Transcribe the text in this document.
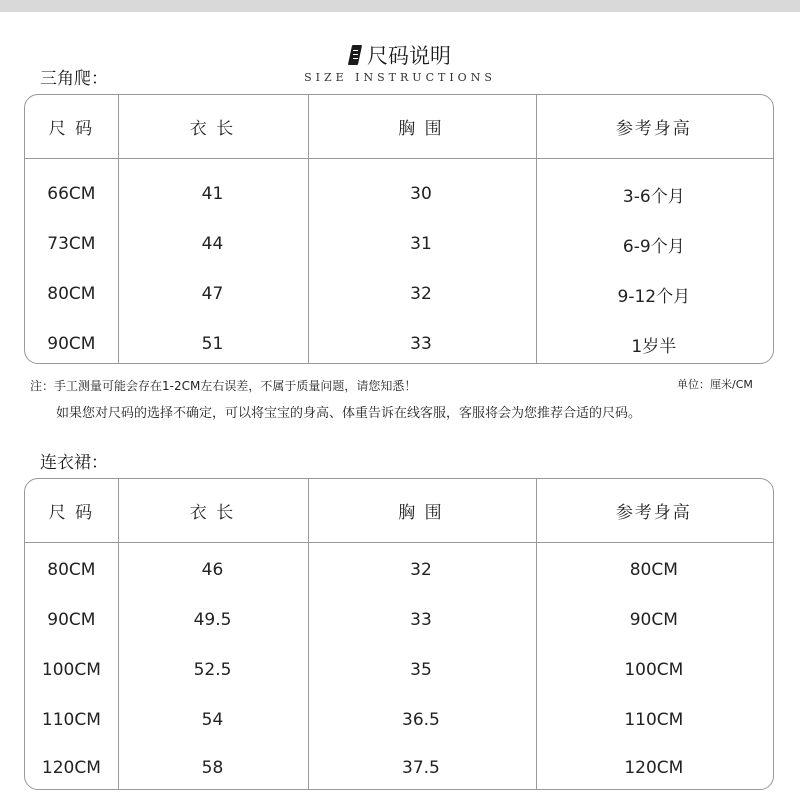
尺码说明
SIZE INSTRUCTIONS
三角爬：
尺 码	衣 长	胸 围	参考身高
66CM	41	30	3-6个月
73CM	44	31	6-9个月
80CM	47	32	9-12个月
90CM	51	33	1岁半
注：手工测量可能会存在1-2CM左右误差，不属于质量问题，请您知悉！	单位：厘米/CM
如果您对尺码的选择不确定，可以将宝宝的身高、体重告诉在线客服，客服将会为您推荐合适的尺码。
连衣裙：
尺 码	衣 长	胸 围	参考身高
80CM	46	32	80CM
90CM	49.5	33	90CM
100CM	52.5	35	100CM
110CM	54	36.5	110CM
120CM	58	37.5	120CM
